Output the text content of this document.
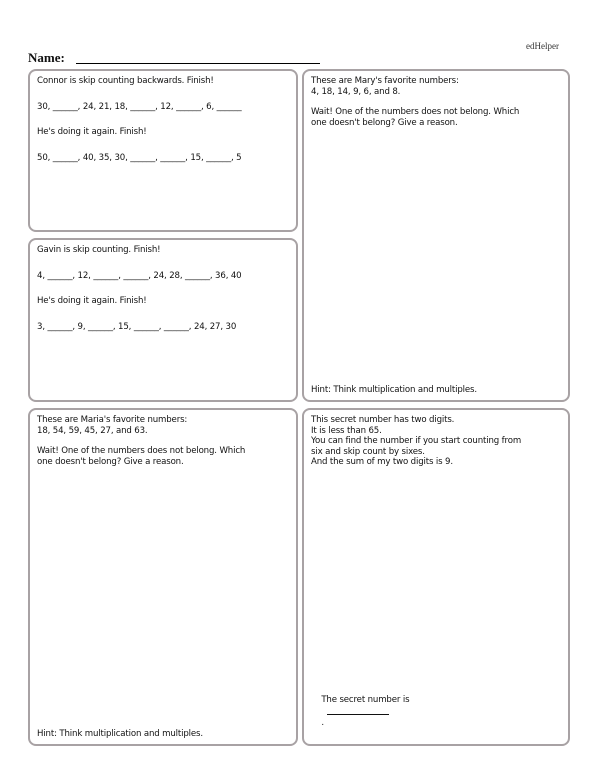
edHelper
Name:

Connor is skip counting backwards. Finish!

30, ______, 24, 21, 18, ______, 12, ______, 6, ______

He's doing it again. Finish!

50, ______, 40, 35, 30, ______, ______, 15, ______, 5

Gavin is skip counting. Finish!

4, ______, 12, ______, ______, 24, 28, ______, 36, 40

He's doing it again. Finish!

3, ______, 9, ______, 15, ______, ______, 24, 27, 30

These are Mary's favorite numbers:

4, 18, 14, 9, 6, and 8.

Wait! One of the numbers does not belong. Which

one doesn't belong? Give a reason.

Hint: Think multiplication and multiples.

These are Maria's favorite numbers:

18, 54, 59, 45, 27, and 63.

Wait! One of the numbers does not belong. Which

one doesn't belong? Give a reason.

Hint: Think multiplication and multiples.

This secret number has two digits.

It is less than 65.

You can find the number if you start counting from

six and skip count by sixes.

And the sum of my two digits is 9.

The secret number is

.
